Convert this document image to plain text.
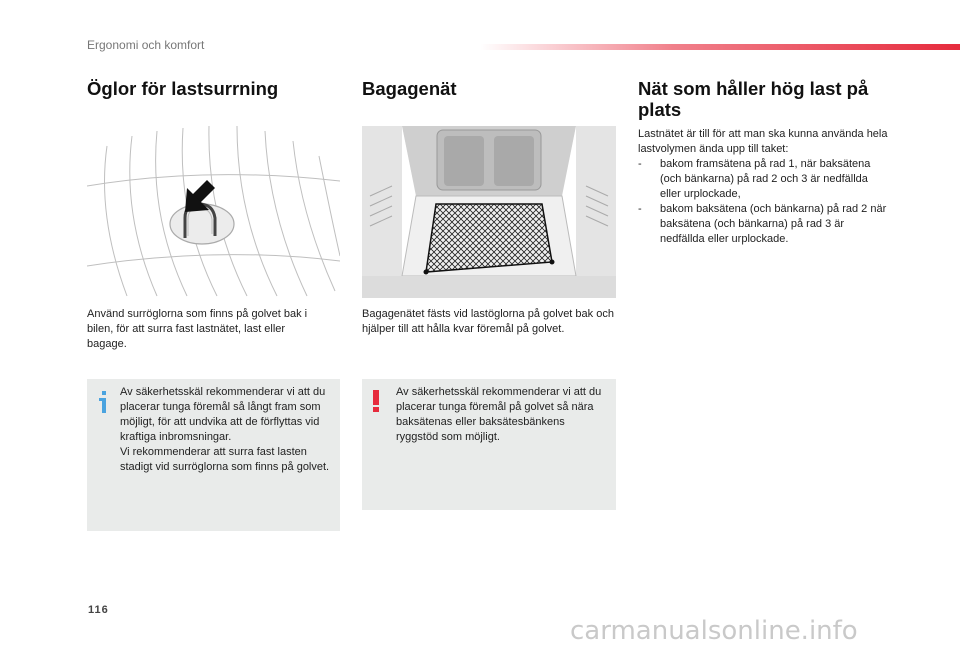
Ergonomi och komfort
Öglor för lastsurrning
Använd surröglorna som finns på golvet bak i bilen, för att surra fast lastnätet, last eller bagage.
Av säkerhetsskäl rekommenderar vi att du placerar tunga föremål så långt fram som möjligt, för att undvika att de förflyttas vid kraftiga inbromsningar.
Vi rekommenderar att surra fast lasten stadigt vid surröglorna som finns på golvet.
Bagagenät
Bagagenätet fästs vid lastöglorna på golvet bak och hjälper till att hålla kvar föremål på golvet.
Av säkerhetsskäl rekommenderar vi att du placerar tunga föremål på golvet så nära baksätenas eller baksätesbänkens ryggstöd som möjligt.
Nät som håller hög last på plats
Lastnätet är till för att man ska kunna använda hela lastvolymen ända upp till taket:
- bakom framsätena på rad 1, när baksätena (och bänkarna) på rad 2 och 3 är nedfällda eller urplockade,
- bakom baksätena (och bänkarna) på rad 2 när baksätena (och bänkarna) på rad 3 är nedfällda eller urplockade.
116
carmanualsonline.info
